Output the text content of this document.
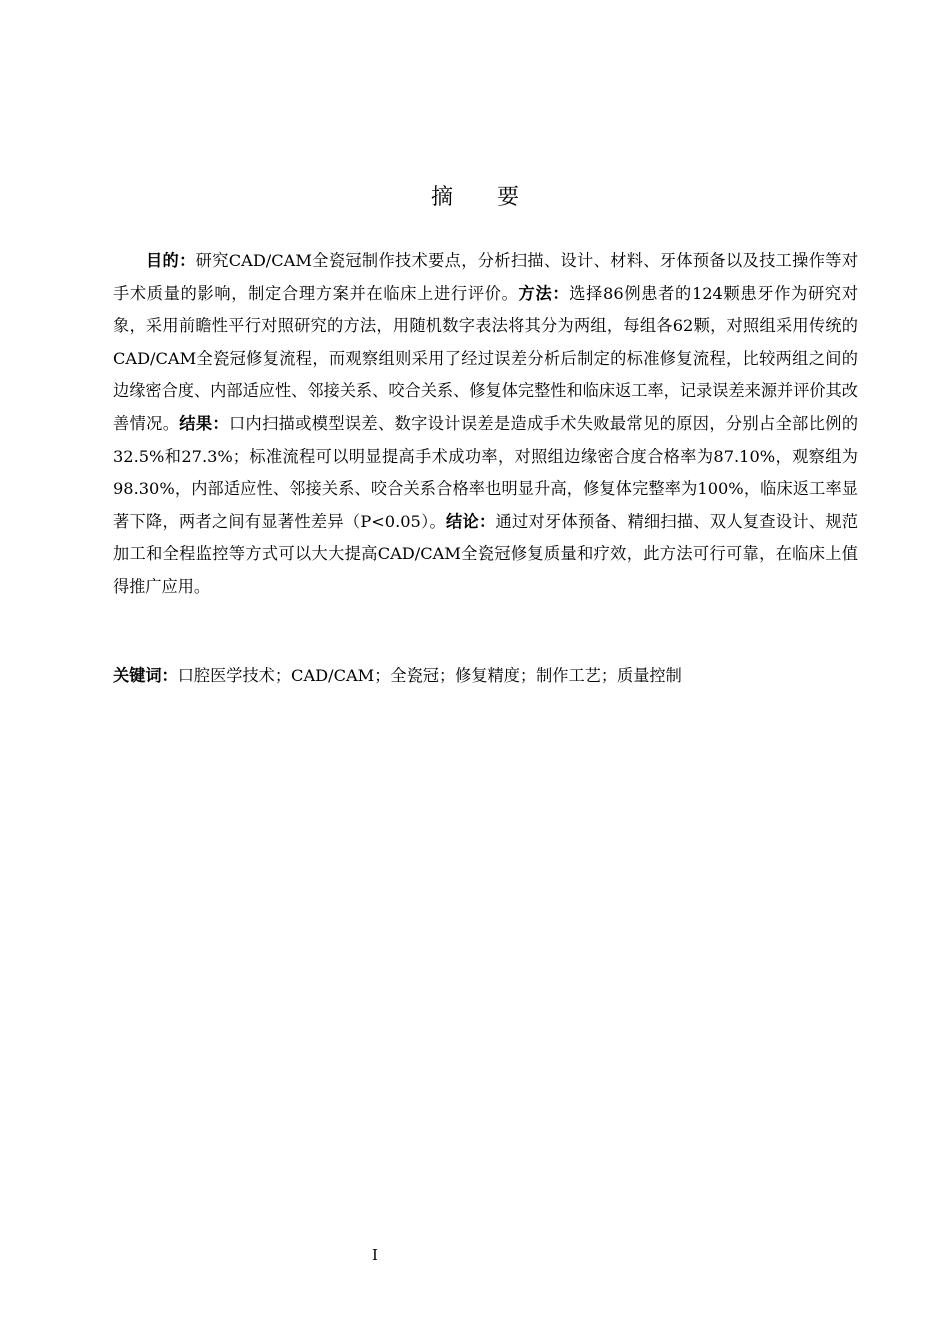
摘 要

目的：研究CAD/CAM全瓷冠制作技术要点，分析扫描、设计、材料、牙体预备以及技工操作等对手术质量的影响，制定合理方案并在临床上进行评价。方法：选择86例患者的124颗患牙作为研究对象，采用前瞻性平行对照研究的方法，用随机数字表法将其分为两组，每组各62颗，对照组采用传统的CAD/CAM全瓷冠修复流程，而观察组则采用了经过误差分析后制定的标准修复流程，比较两组之间的边缘密合度、内部适应性、邻接关系、咬合关系、修复体完整性和临床返工率，记录误差来源并评价其改善情况。结果：口内扫描或模型误差、数字设计误差是造成手术失败最常见的原因，分别占全部比例的32.5%和27.3%；标准流程可以明显提高手术成功率，对照组边缘密合度合格率为87.10%，观察组为98.30%，内部适应性、邻接关系、咬合关系合格率也明显升高，修复体完整率为100%，临床返工率显著下降，两者之间有显著性差异（P<0.05）。结论：通过对牙体预备、精细扫描、双人复查设计、规范加工和全程监控等方式可以大大提高CAD/CAM全瓷冠修复质量和疗效，此方法可行可靠，在临床上值得推广应用。

关键词：口腔医学技术；CAD/CAM；全瓷冠；修复精度；制作工艺；质量控制

I
